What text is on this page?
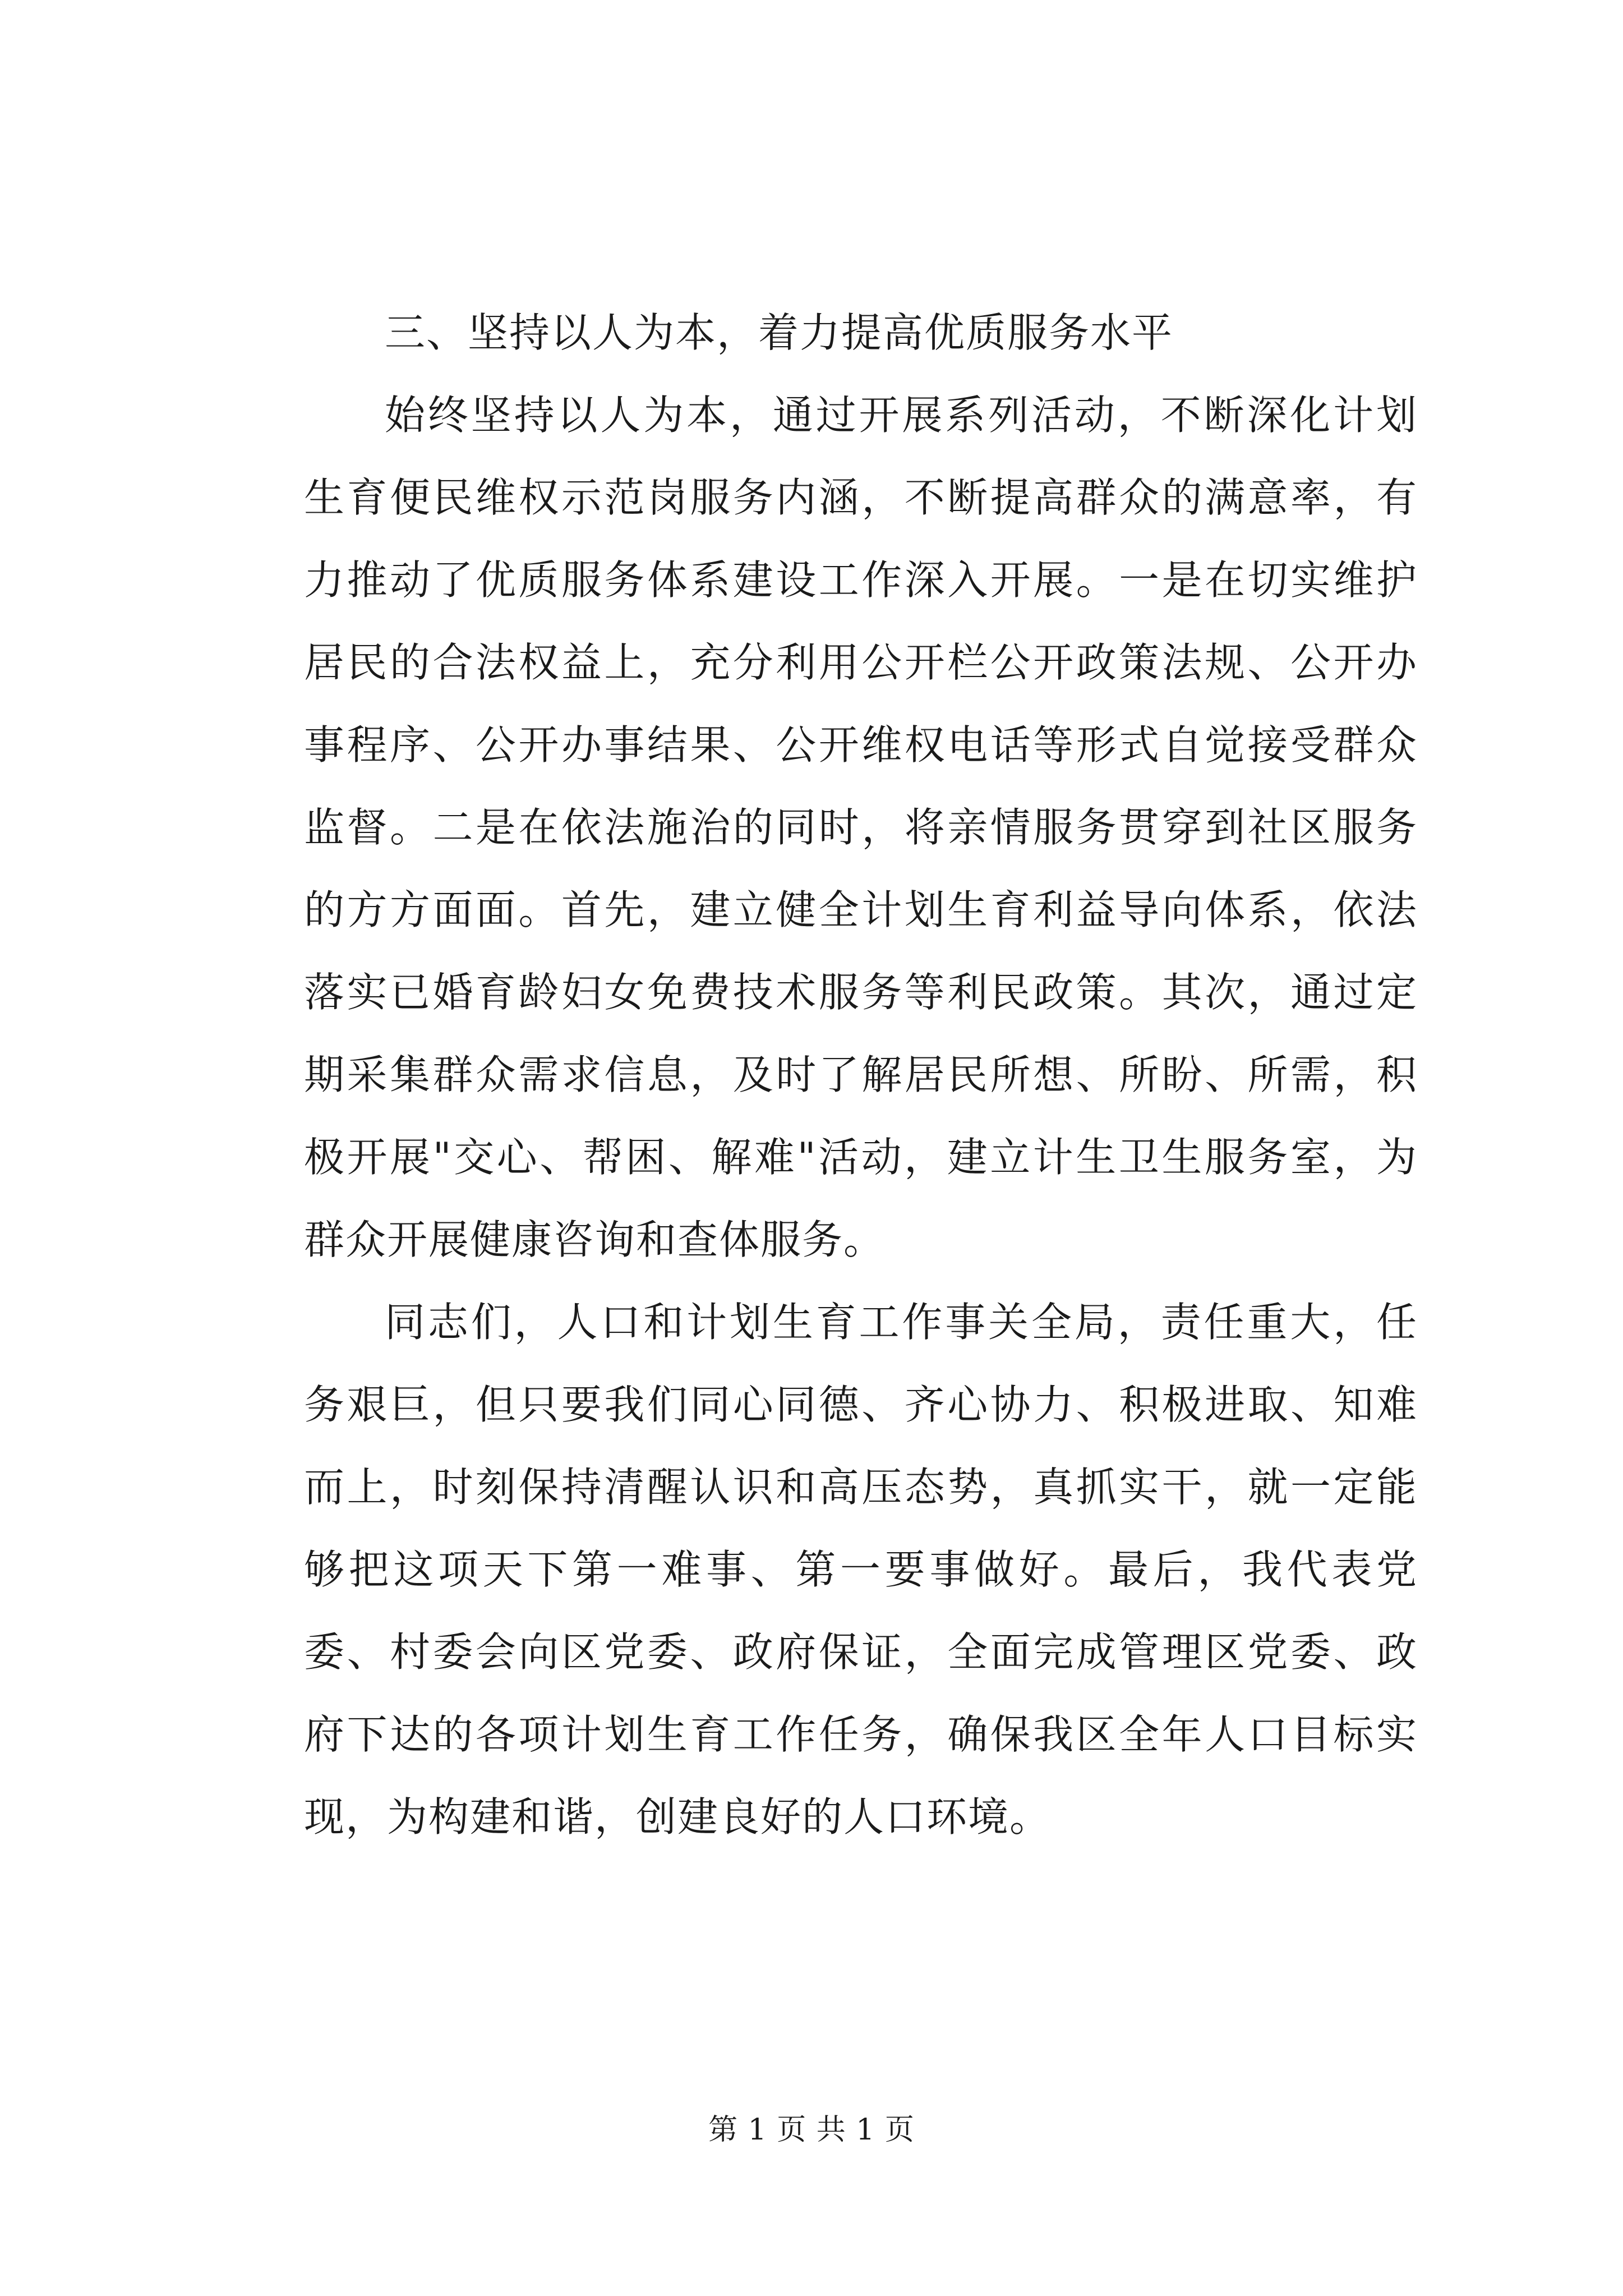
三、坚持以人为本，着力提高优质服务水平

始终坚持以人为本，通过开展系列活动，不断深化计划生育便民维权示范岗服务内涵，不断提高群众的满意率，有力推动了优质服务体系建设工作深入开展。一是在切实维护居民的合法权益上，充分利用公开栏公开政策法规、公开办事程序、公开办事结果、公开维权电话等形式自觉接受群众监督。二是在依法施治的同时，将亲情服务贯穿到社区服务的方方面面。首先，建立健全计划生育利益导向体系，依法落实已婚育龄妇女免费技术服务等利民政策。其次，通过定期采集群众需求信息，及时了解居民所想、所盼、所需，积极开展"交心、帮困、解难"活动，建立计生卫生服务室，为群众开展健康咨询和查体服务。

同志们，人口和计划生育工作事关全局，责任重大，任务艰巨，但只要我们同心同德、齐心协力、积极进取、知难而上，时刻保持清醒认识和高压态势，真抓实干，就一定能够把这项天下第一难事、第一要事做好。最后，我代表党委、村委会向区党委、政府保证，全面完成管理区党委、政府下达的各项计划生育工作任务，确保我区全年人口目标实现，为构建和谐，创建良好的人口环境。

第 1 页 共 1 页
